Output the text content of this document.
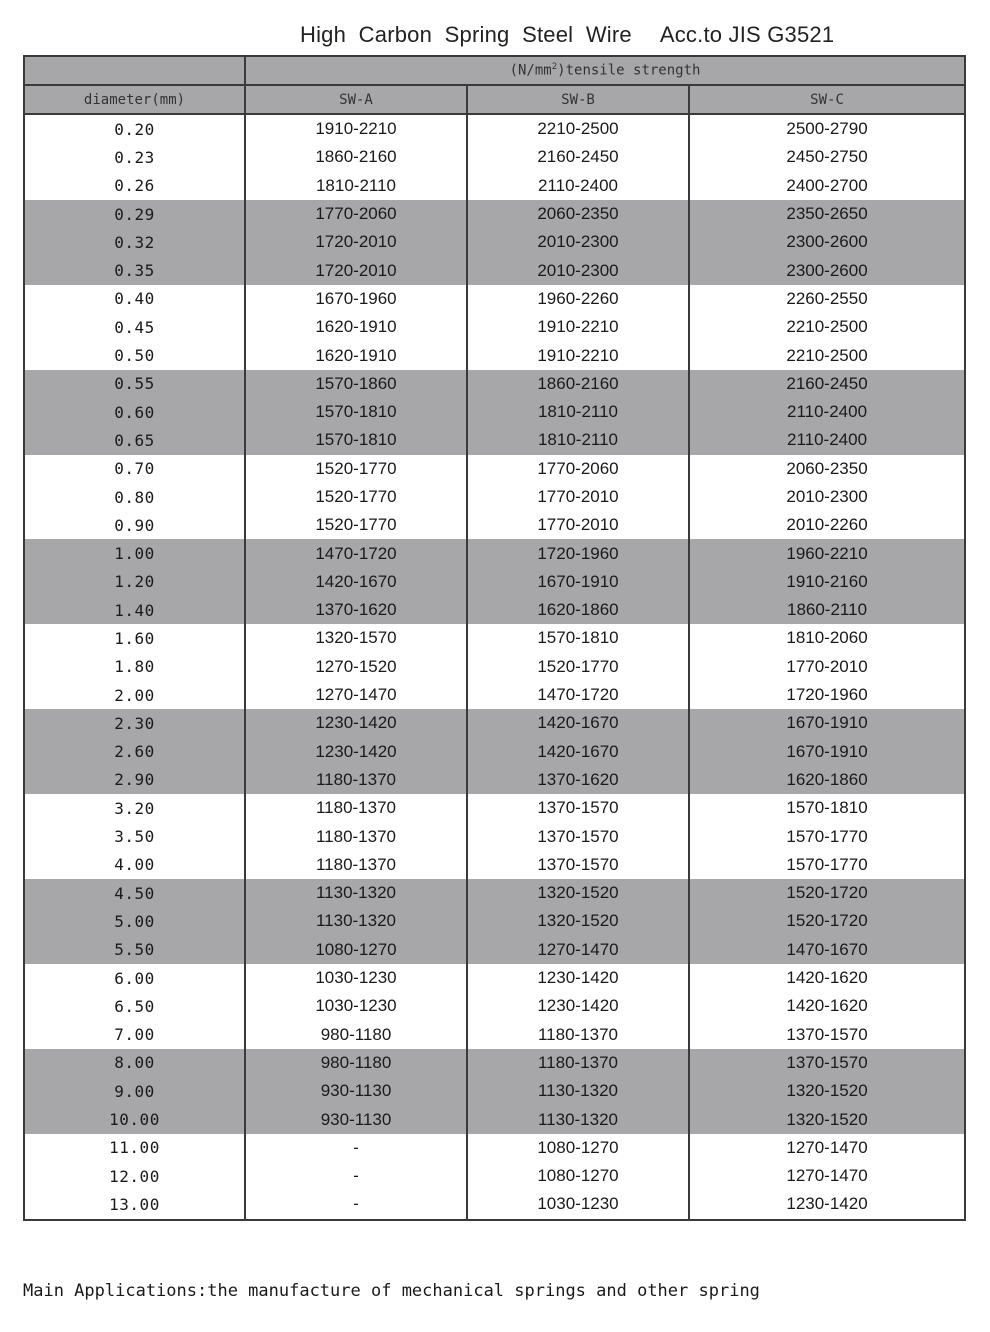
High  Carbon  Spring  Steel  Wire Acc.to JIS G3521
	$(N/mm^2)tensile$ strength		
diameter(mm)	SW-A	SW-B	SW-C
0.20	1910-2210	2210-2500	2500-2790
0.23	1860-2160	2160-2450	2450-2750
0.26	1810-2110	2110-2400	2400-2700
0.29	1770-2060	2060-2350	2350-2650
0.32	1720-2010	2010-2300	2300-2600
0.35	1720-2010	2010-2300	2300-2600
0.40	1670-1960	1960-2260	2260-2550
0.45	1620-1910	1910-2210	2210-2500
0.50	1620-1910	1910-2210	2210-2500
0.55	1570-1860	1860-2160	2160-2450
0.60	1570-1810	1810-2110	2110-2400
0.65	1570-1810	1810-2110	2110-2400
0.70	1520-1770	1770-2060	2060-2350
0.80	1520-1770	1770-2010	2010-2300
0.90	1520-1770	1770-2010	2010-2260
1.00	1470-1720	1720-1960	1960-2210
1.20	1420-1670	1670-1910	1910-2160
1.40	1370-1620	1620-1860	1860-2110
1.60	1320-1570	1570-1810	1810-2060
1.80	1270-1520	1520-1770	1770-2010
2.00	1270-1470	1470-1720	1720-1960
2.30	1230-1420	1420-1670	1670-1910
2.60	1230-1420	1420-1670	1670-1910
2.90	1180-1370	1370-1620	1620-1860
3.20	1180-1370	1370-1570	1570-1810
3.50	1180-1370	1370-1570	1570-1770
4.00	1180-1370	1370-1570	1570-1770
4.50	1130-1320	1320-1520	1520-1720
5.00	1130-1320	1320-1520	1520-1720
5.50	1080-1270	1270-1470	1470-1670
6.00	1030-1230	1230-1420	1420-1620
6.50	1030-1230	1230-1420	1420-1620
7.00	980-1180	1180-1370	1370-1570
8.00	980-1180	1180-1370	1370-1570
9.00	930-1130	1130-1320	1320-1520
10.00	930-1130	1130-1320	1320-1520
11.00	-	1080-1270	1270-1470
12.00	-	1080-1270	1270-1470
13.00	-	1030-1230	1230-1420
Main Applications:the manufacture of mechanical springs and other spring
